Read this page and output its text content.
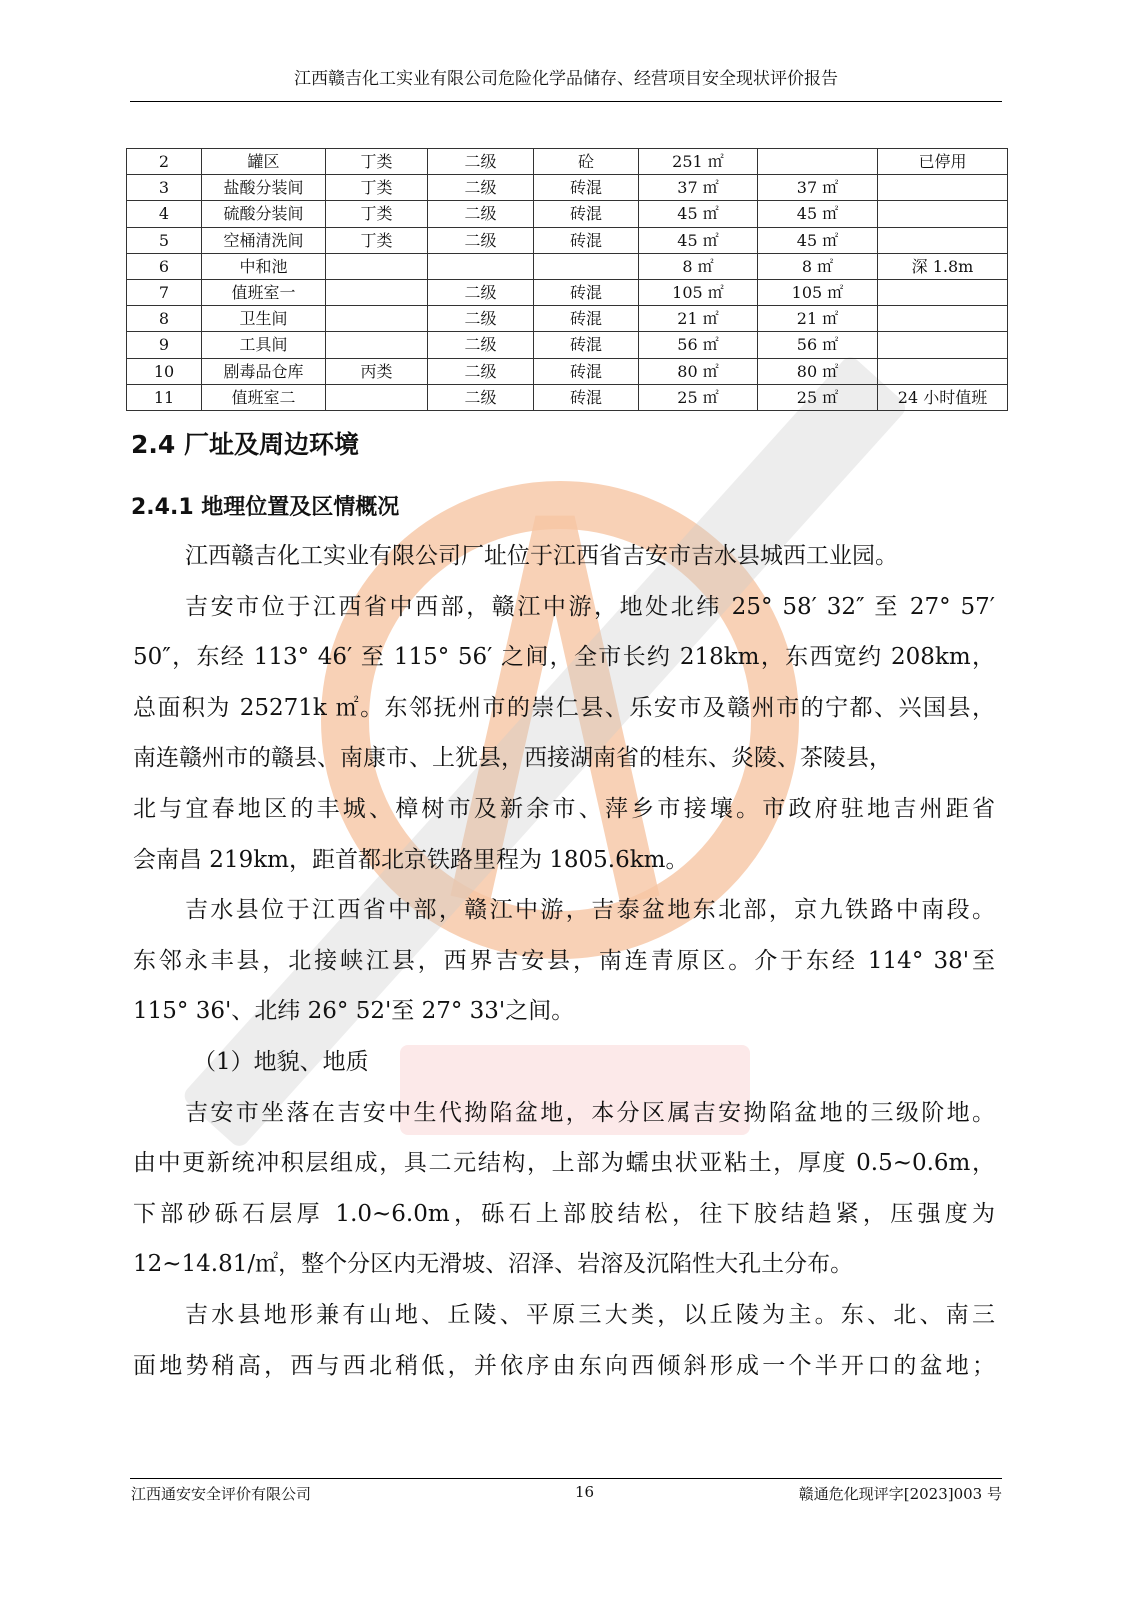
江西赣吉化工实业有限公司危险化学品储存、经营项目安全现状评价报告
2	罐区	丁类	二级	砼	251 ㎡		已停用
3	盐酸分装间	丁类	二级	砖混	37 ㎡	37 ㎡	
4	硫酸分装间	丁类	二级	砖混	45 ㎡	45 ㎡	
5	空桶清洗间	丁类	二级	砖混	45 ㎡	45 ㎡	
6	中和池				8 ㎡	8 ㎡	深 1.8m
7	值班室一		二级	砖混	105 ㎡	105 ㎡	
8	卫生间		二级	砖混	21 ㎡	21 ㎡	
9	工具间		二级	砖混	56 ㎡	56 ㎡	
10	剧毒品仓库	丙类	二级	砖混	80 ㎡	80 ㎡	
11	值班室二		二级	砖混	25 ㎡	25 ㎡	24 小时值班
2.4 厂址及周边环境
2.4.1 地理位置及区情概况
江西赣吉化工实业有限公司厂址位于江西省吉安市吉水县城西工业园。
吉安市位于江西省中西部，赣江中游，地处北纬 25° 58′ 32″ 至 27° 57′
50″，东经 113° 46′ 至 115° 56′ 之间，全市长约 218km，东西宽约 208km，
总面积为 25271k ㎡。东邻抚州市的崇仁县、乐安市及赣州市的宁都、兴国县，
南连赣州市的赣县、南康市、上犹县，西接湖南省的桂东、炎陵、茶陵县，
北与宜春地区的丰城、樟树市及新余市、萍乡市接壤。市政府驻地吉州距省
会南昌 219km，距首都北京铁路里程为 1805.6km。
吉水县位于江西省中部，赣江中游，吉泰盆地东北部，京九铁路中南段。
东邻永丰县，北接峡江县，西界吉安县，南连青原区。介于东经 114° 38'至
115° 36'、北纬 26° 52'至 27° 33'之间。
（1）地貌、地质
吉安市坐落在吉安中生代拗陷盆地，本分区属吉安拗陷盆地的三级阶地。
由中更新统冲积层组成，具二元结构，上部为蠕虫状亚粘土，厚度 0.5~0.6m，
下部砂砾石层厚 1.0~6.0m，砾石上部胶结松，往下胶结趋紧，压强度为
12~14.81/㎡，整个分区内无滑坡、沼泽、岩溶及沉陷性大孔土分布。
吉水县地形兼有山地、丘陵、平原三大类，以丘陵为主。东、北、南三
面地势稍高，西与西北稍低，并依序由东向西倾斜形成一个半开口的盆地；
江西通安安全评价有限公司	16	赣通危化现评字[2023]003 号
